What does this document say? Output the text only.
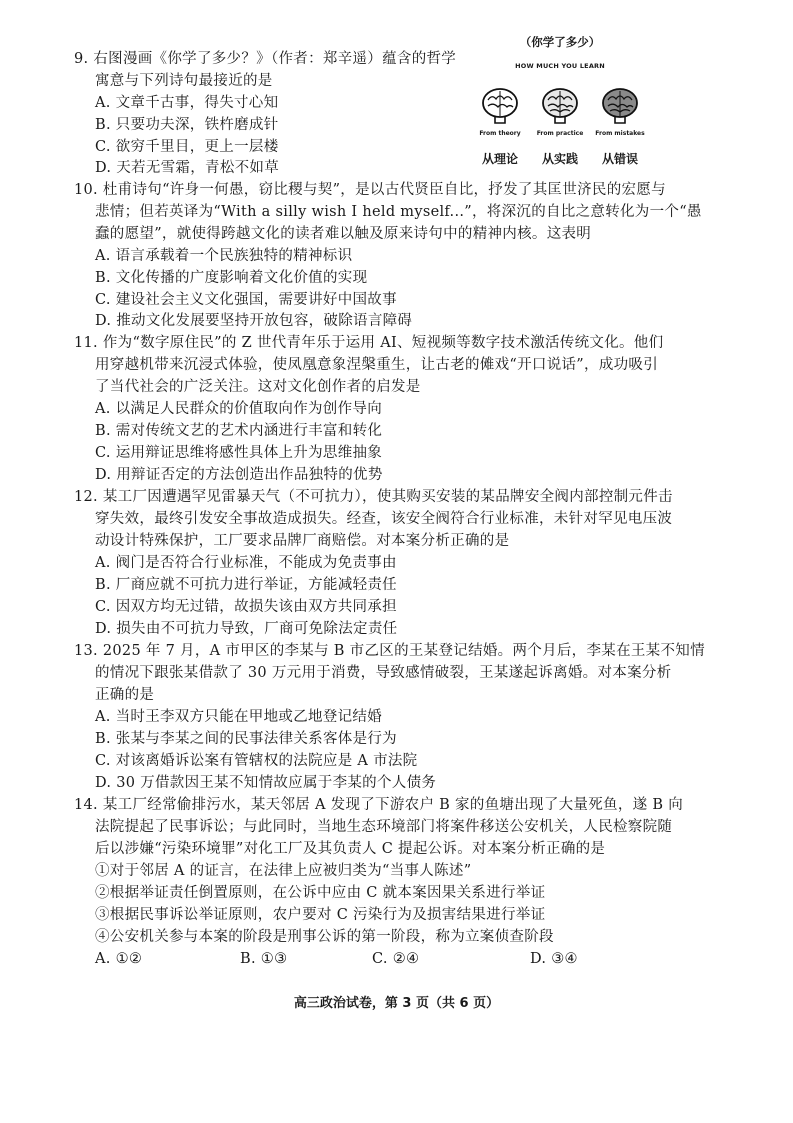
（你学了多少）
HOW MUCH YOU LEARN
From theory	From practice	From mistakes
从理论	从实践	从错误
9. 右图漫画《你学了多少？》（作者：郑辛遥）蕴含的哲学
寓意与下列诗句最接近的是
A. 文章千古事，得失寸心知
B. 只要功夫深，铁杵磨成针
C. 欲穷千里目，更上一层楼
D. 天若无雪霜，青松不如草
10. 杜甫诗句“许身一何愚，窃比稷与契”，是以古代贤臣自比，抒发了其匡世济民的宏愿与
悲情；但若英译为“With a silly wish I held myself...”，将深沉的自比之意转化为一个“愚
蠢的愿望”，就使得跨越文化的读者难以触及原来诗句中的精神内核。这表明
A. 语言承载着一个民族独特的精神标识
B. 文化传播的广度影响着文化价值的实现
C. 建设社会主义文化强国，需要讲好中国故事
D. 推动文化发展要坚持开放包容，破除语言障碍
11. 作为“数字原住民”的 Z 世代青年乐于运用 AI、短视频等数字技术激活传统文化。他们
用穿越机带来沉浸式体验，使凤凰意象涅槃重生，让古老的傩戏“开口说话”，成功吸引
了当代社会的广泛关注。这对文化创作者的启发是
A. 以满足人民群众的价值取向作为创作导向
B. 需对传统文艺的艺术内涵进行丰富和转化
C. 运用辩证思维将感性具体上升为思维抽象
D. 用辩证否定的方法创造出作品独特的优势
12. 某工厂因遭遇罕见雷暴天气（不可抗力），使其购买安装的某品牌安全阀内部控制元件击
穿失效，最终引发安全事故造成损失。经查，该安全阀符合行业标准，未针对罕见电压波
动设计特殊保护，工厂要求品牌厂商赔偿。对本案分析正确的是
A. 阀门是否符合行业标准，不能成为免责事由
B. 厂商应就不可抗力进行举证，方能减轻责任
C. 因双方均无过错，故损失该由双方共同承担
D. 损失由不可抗力导致，厂商可免除法定责任
13. 2025 年 7 月，A 市甲区的李某与 B 市乙区的王某登记结婚。两个月后，李某在王某不知情
的情况下跟张某借款了 30 万元用于消费，导致感情破裂，王某遂起诉离婚。对本案分析
正确的是
A. 当时王李双方只能在甲地或乙地登记结婚
B. 张某与李某之间的民事法律关系客体是行为
C. 对该离婚诉讼案有管辖权的法院应是 A 市法院
D. 30 万借款因王某不知情故应属于李某的个人债务
14. 某工厂经常偷排污水，某天邻居 A 发现了下游农户 B 家的鱼塘出现了大量死鱼，遂 B 向
法院提起了民事诉讼；与此同时，当地生态环境部门将案件移送公安机关，人民检察院随
后以涉嫌“污染环境罪”对化工厂及其负责人 C 提起公诉。对本案分析正确的是
①对于邻居 A 的证言，在法律上应被归类为“当事人陈述”
②根据举证责任倒置原则，在公诉中应由 C 就本案因果关系进行举证
③根据民事诉讼举证原则，农户要对 C 污染行为及损害结果进行举证
④公安机关参与本案的阶段是刑事公诉的第一阶段，称为立案侦查阶段
A. ①②	B. ①③	C. ②④	D. ③④
高三政治试卷，第 3 页（共 6 页）
